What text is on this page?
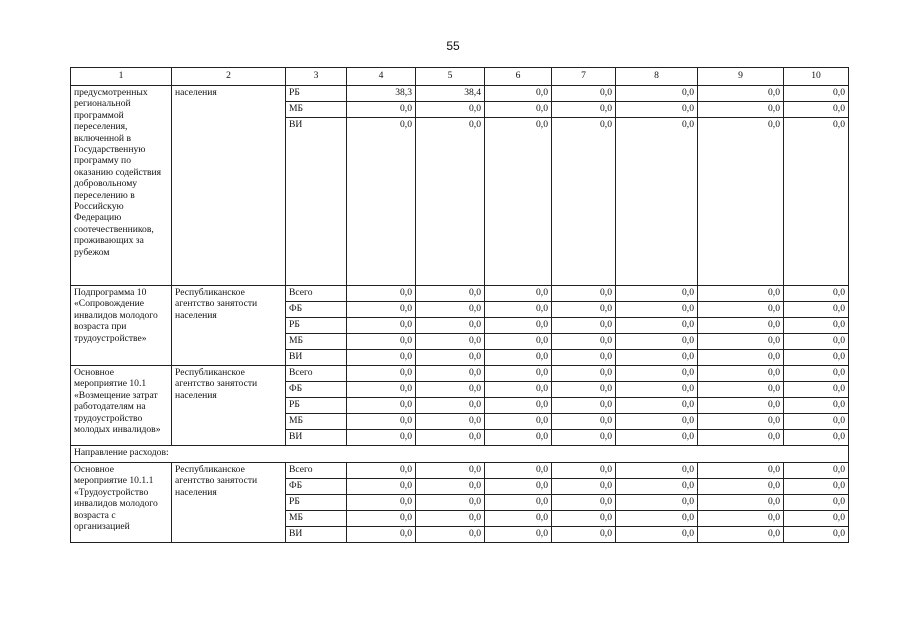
55
1	2	3	4	5	6	7	8	9	10
предусмотренных региональной программой переселения, включенной в Государственную программу по оказанию содействия добровольному переселению в Российскую Федерацию соотечественников, проживающих за рубежом	населения	РБ	38,3	38,4	0,0	0,0	0,0	0,0	0,0
		МБ	0,0	0,0	0,0	0,0	0,0	0,0	0,0
		ВИ	0,0	0,0	0,0	0,0	0,0	0,0	0,0
Подпрограмма 10 «Сопровождение инвалидов молодого возраста при трудоустройстве»	Республиканское агентство занятости населения	Всего	0,0	0,0	0,0	0,0	0,0	0,0	0,0
		ФБ	0,0	0,0	0,0	0,0	0,0	0,0	0,0
		РБ	0,0	0,0	0,0	0,0	0,0	0,0	0,0
		МБ	0,0	0,0	0,0	0,0	0,0	0,0	0,0
		ВИ	0,0	0,0	0,0	0,0	0,0	0,0	0,0
Основное мероприятие 10.1 «Возмещение затрат работодателям на трудоустройство молодых инвалидов»	Республиканское агентство занятости населения	Всего	0,0	0,0	0,0	0,0	0,0	0,0	0,0
		ФБ	0,0	0,0	0,0	0,0	0,0	0,0	0,0
		РБ	0,0	0,0	0,0	0,0	0,0	0,0	0,0
		МБ	0,0	0,0	0,0	0,0	0,0	0,0	0,0
		ВИ	0,0	0,0	0,0	0,0	0,0	0,0	0,0
Направление расходов:									
Основное мероприятие 10.1.1 «Трудоустройство инвалидов молодого возраста с организацией	Республиканское агентство занятости населения	Всего	0,0	0,0	0,0	0,0	0,0	0,0	0,0
		ФБ	0,0	0,0	0,0	0,0	0,0	0,0	0,0
		РБ	0,0	0,0	0,0	0,0	0,0	0,0	0,0
		МБ	0,0	0,0	0,0	0,0	0,0	0,0	0,0
		ВИ	0,0	0,0	0,0	0,0	0,0	0,0	0,0
